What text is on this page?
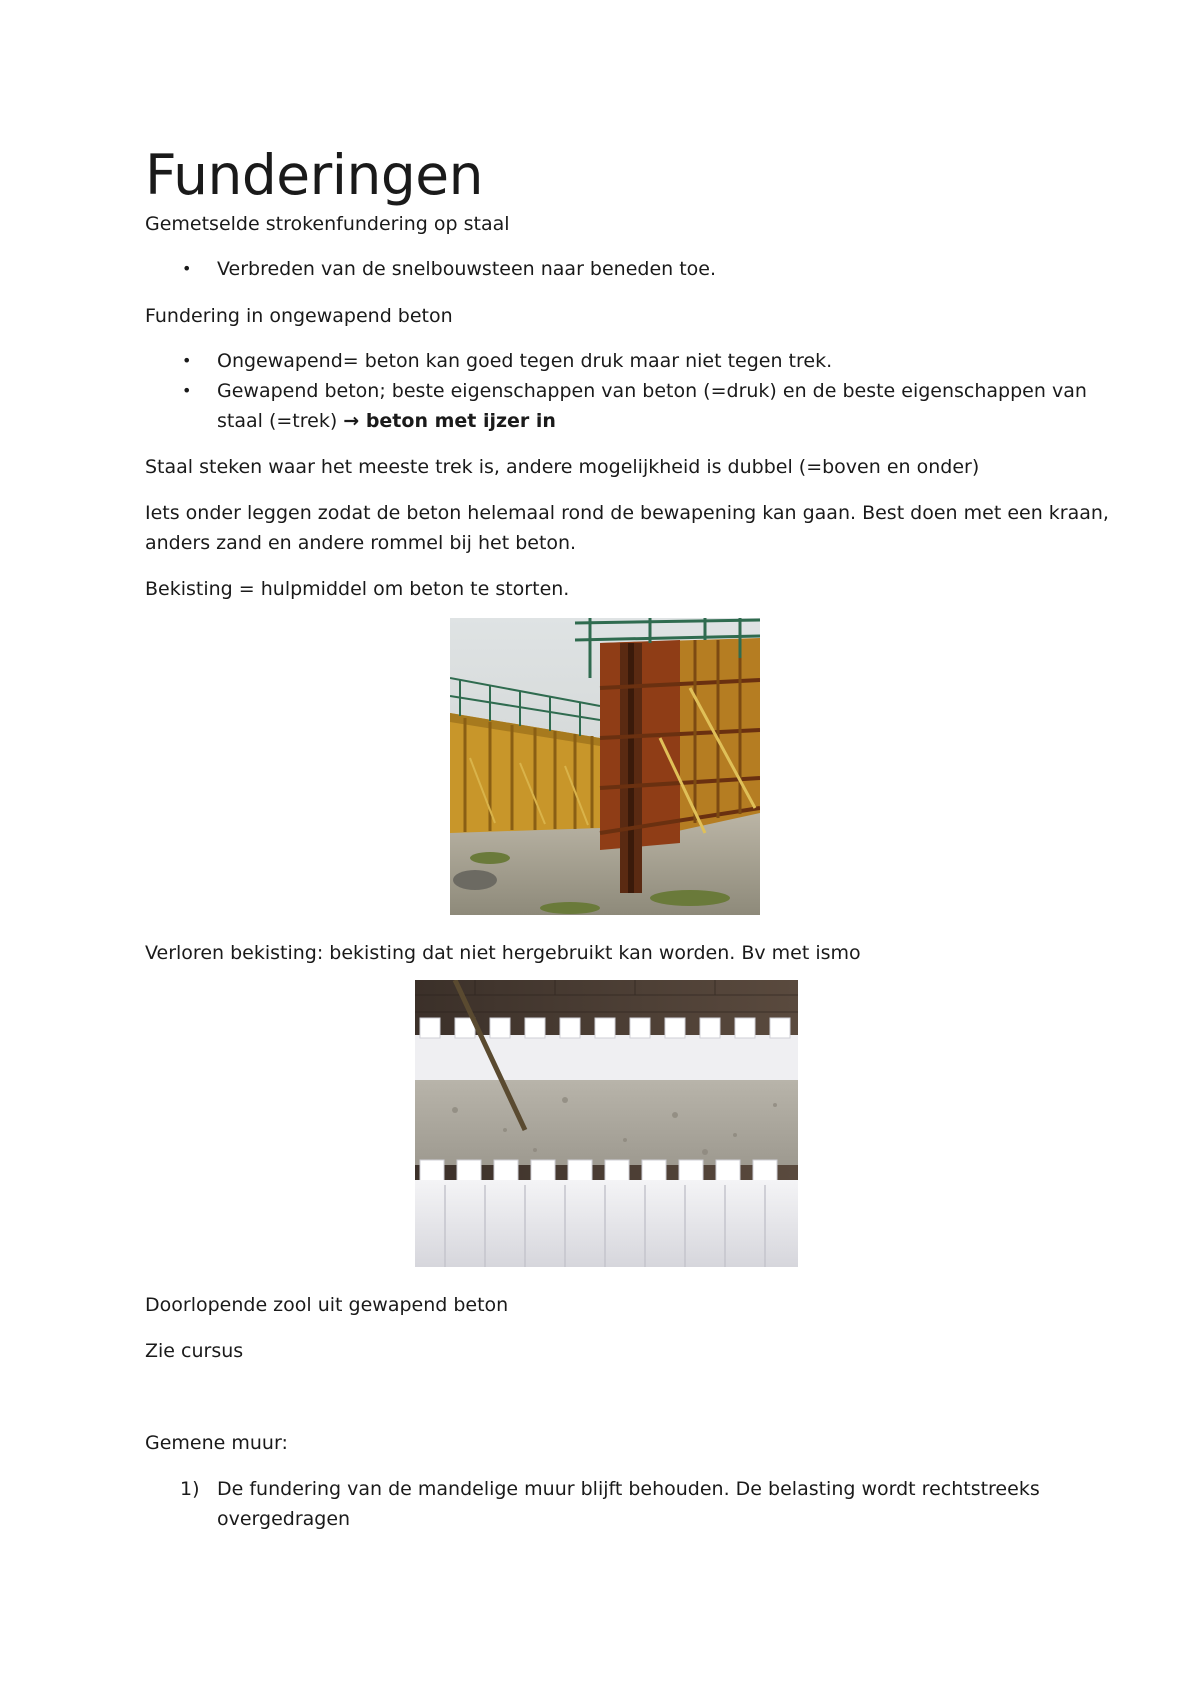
Funderingen

Gemetselde strokenfundering op staal

• Verbreden van de snelbouwsteen naar beneden toe.

Fundering in ongewapend beton

• Ongewapend= beton kan goed tegen druk maar niet tegen trek.

• Gewapend beton; beste eigenschappen van beton (=druk) en de beste eigenschappen van

staal (=trek) → beton met ijzer in

Staal steken waar het meeste trek is, andere mogelijkheid is dubbel (=boven en onder)

Iets onder leggen zodat de beton helemaal rond de bewapening kan gaan. Best doen met een kraan,

anders zand en andere rommel bij het beton.

Bekisting = hulpmiddel om beton te storten.

Verloren bekisting: bekisting dat niet hergebruikt kan worden. Bv met ismo

Doorlopende zool uit gewapend beton

Zie cursus

Gemene muur:

1) De fundering van de mandelige muur blijft behouden. De belasting wordt rechtstreeks

overgedragen
